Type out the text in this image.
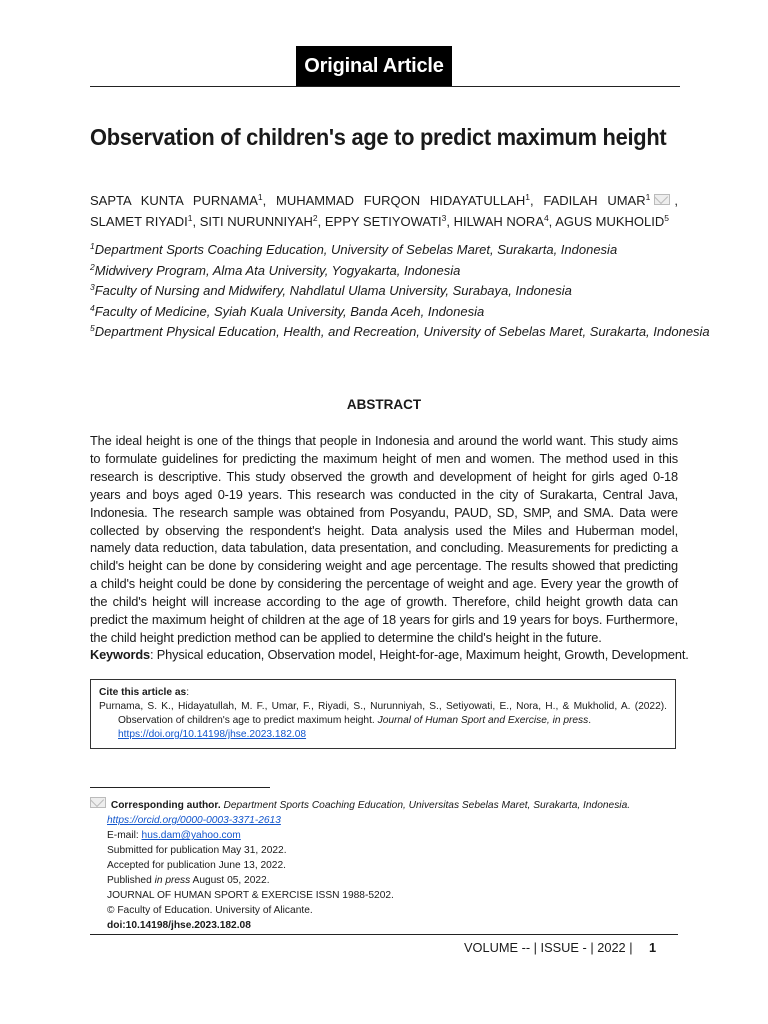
Original Article
Observation of children's age to predict maximum height
SAPTA KUNTA PURNAMA$^1$, MUHAMMAD FURQON HIDAYATULLAH$^1$, FADILAH UMAR$^1$ , SLAMET RIYADI$^1$, SITI NURUNNIYAH$^2$, EPPY SETIYOWATI$^3$, HILWAH NORA$^4$, AGUS MUKHOLID$^5$
$^1$Department Sports Coaching Education, University of Sebelas Maret, Surakarta, Indonesia
$^2$Midwivery Program, Alma Ata University, Yogyakarta, Indonesia
$^3$Faculty of Nursing and Midwifery, Nahdlatul Ulama University, Surabaya, Indonesia
$^4$Faculty of Medicine, Syiah Kuala University, Banda Aceh, Indonesia
$^5$Department Physical Education, Health, and Recreation, University of Sebelas Maret, Surakarta, Indonesia
ABSTRACT
The ideal height is one of the things that people in Indonesia and around the world want. This study aims to formulate guidelines for predicting the maximum height of men and women. The method used in this research is descriptive. This study observed the growth and development of height for girls aged 0-18 years and boys aged 0-19 years. This research was conducted in the city of Surakarta, Central Java, Indonesia. The research sample was obtained from Posyandu, PAUD, SD, SMP, and SMA. Data were collected by observing the respondent's height. Data analysis used the Miles and Huberman model, namely data reduction, data tabulation, data presentation, and concluding. Measurements for predicting a child's height can be done by considering weight and age percentage. The results showed that predicting a child's height could be done by considering the percentage of weight and age. Every year the growth of the child's height will increase according to the age of growth. Therefore, child height growth data can predict the maximum height of children at the age of 18 years for girls and 19 years for boys. Furthermore, the child height prediction method can be applied to determine the child's height in the future.
Keywords: Physical education, Observation model, Height-for-age, Maximum height, Growth, Development.
Cite this article as:
Purnama, S. K., Hidayatullah, M. F., Umar, F., Riyadi, S., Nurunniyah, S., Setiyowati, E., Nora, H., & Mukholid, A. (2022). Observation of children's age to predict maximum height. Journal of Human Sport and Exercise, in press.
https://doi.org/10.14198/jhse.2023.182.08
Corresponding author. Department Sports Coaching Education, Universitas Sebelas Maret, Surakarta, Indonesia.
https://orcid.org/0000-0003-3371-2613
E-mail: hus.dam@yahoo.com
Submitted for publication May 31, 2022.
Accepted for publication June 13, 2022.
Published in press August 05, 2022.
JOURNAL OF HUMAN SPORT & EXERCISE ISSN 1988-5202.
© Faculty of Education. University of Alicante.
doi:10.14198/jhse.2023.182.08
VOLUME -- | ISSUE - | 2022 | 1
